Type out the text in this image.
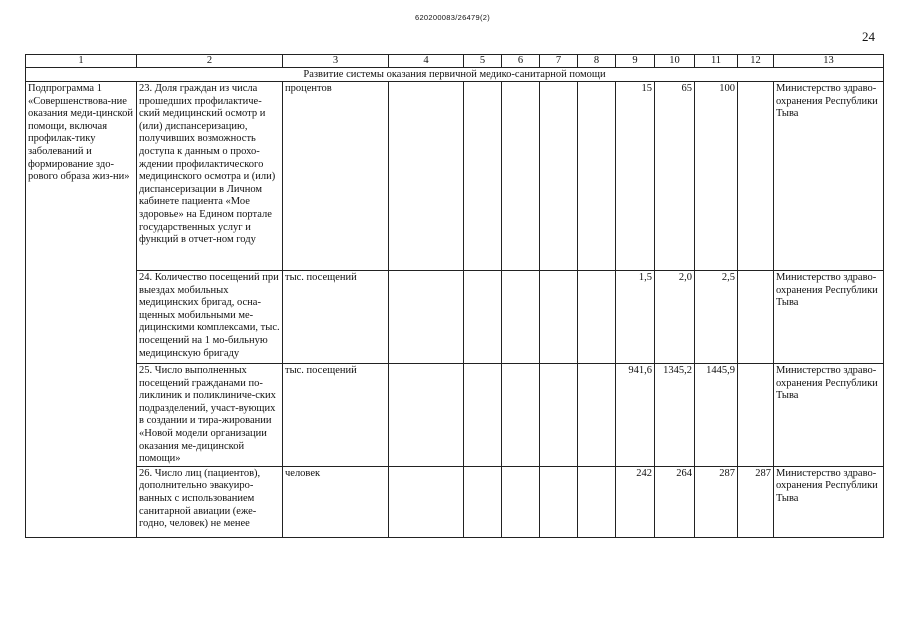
620200083/26479(2)
24
1	2	3	4	5	6	7	8	9	10	11	12	13
Развитие системы оказания первичной медико-санитарной помощи												
Подпрограмма 1 «Совершенствова-ние оказания меди-цинской помощи, включая профилак-тику заболеваний и формирование здо-рового образа жиз-ни»	23. Доля граждан из числа прошедших профилактиче-ский медицинский осмотр и (или) диспансеризацию, получивших возможность доступа к данным о прохо-ждении профилактического медицинского осмотра и (или) диспансеризации в Личном кабинете пациента «Мое здоровье» на Едином портале государственных услуг и функций в отчет-ном году	процентов						15	65	100		Министерство здраво-охранения Республики Тыва
	24. Количество посещений при выездах мобильных медицинских бригад, осна-щенных мобильными ме-дицинскими комплексами, тыс. посещений на 1 мо-бильную медицинскую бригаду	тыс. посещений						1,5	2,0	2,5		Министерство здраво-охранения Республики Тыва
	25. Число выполненных посещений гражданами по-ликлиник и поликлиниче-ских подразделений, участ-вующих в создании и тира-жировании «Новой модели организации оказания ме-дицинской помощи»	тыс. посещений						941,6	1345,2	1445,9		Министерство здраво-охранения Республики Тыва
	26. Число лиц (пациентов), дополнительно эвакуиро-ванных с использованием санитарной авиации (еже-годно, человек) не менее	человек						242	264	287	287	Министерство здраво-охранения Республики Тыва
